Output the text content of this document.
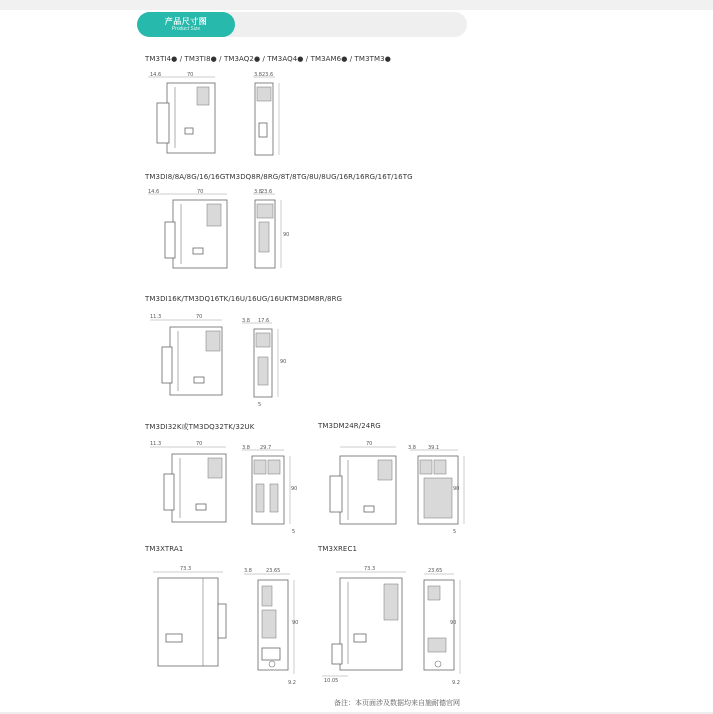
产品尺寸图
Product Size
TM3TI4● / TM3TI8● / TM3AQ2● / TM3AQ4● / TM3AM6● / TM3TM3●
14.6	70	3.8 23.6
TM3DI8/8A/8G/16/16GTM3DQ8R/8RG/8T/8TG/8U/8UG/16R/16RG/16T/16TG
14.6	70	3.8 23.6
90
TM3DI16K/TM3DQ16TK/16U/16UG/16UKTM3DM8R/8RG
11.3	70
3.8 17.6
90
5
TM3DI32K或TM3DQ32TK/32UK
11.3	70
3.8 29.7
90
5
TM3DM24R/24RG
70
3.8 39.1
90
5
TM3XTRA1
73.3	3.8	23.65
90
9.2
TM3XREC1
73.3
10.05
23.65
90
9.2
备注：本页面涉及数据均来自施耐德官网
